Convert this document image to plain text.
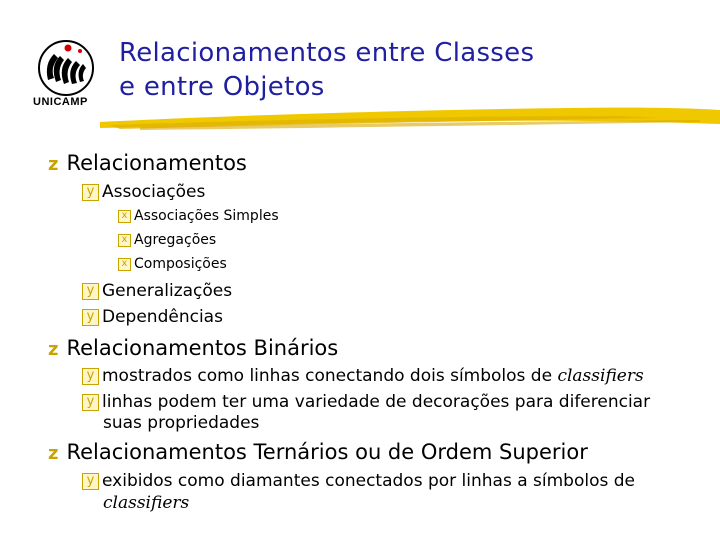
UNICAMP
Relacionamentos entre Classes
e entre Objetos
z Relacionamentos
y Associações
x Associações Simples
x Agregações
x Composições
y Generalizações
y Dependências
z Relacionamentos Binários
y mostrados como linhas conectando dois símbolos de classifiers
y linhas podem ter uma variedade de decorações para diferenciar
suas propriedades
z Relacionamentos Ternários ou de Ordem Superior
y exibidos como diamantes conectados por linhas a símbolos de
classifiers
